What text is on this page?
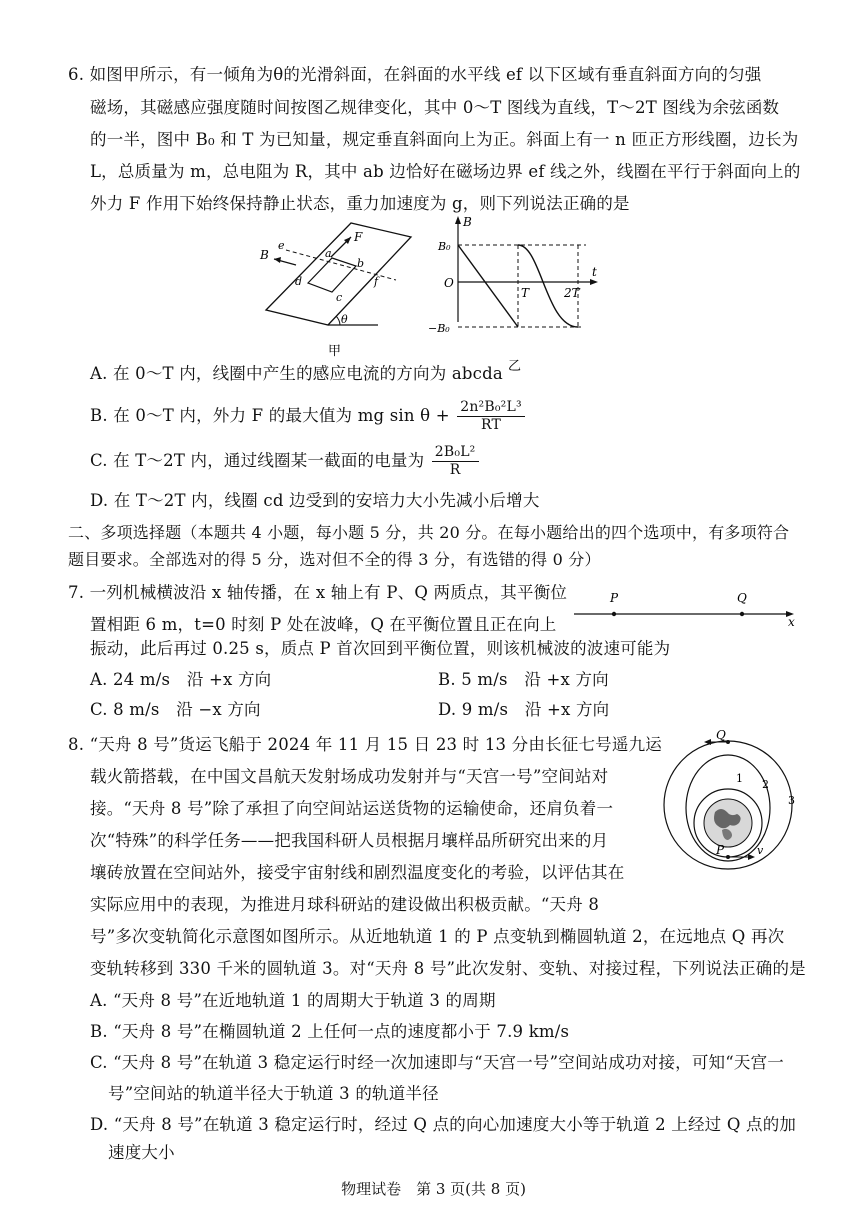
6. 如图甲所示，有一倾角为θ的光滑斜面，在斜面的水平线 ef 以下区域有垂直斜面方向的匀强
磁场，其磁感应强度随时间按图乙规律变化，其中 0～T 图线为直线，T～2T 图线为余弦函数
的一半，图中 B₀ 和 T 为已知量，规定垂直斜面向上为正。斜面上有一 n 匝正方形线圈，边长为
L，总质量为 m，总电阻为 R，其中 ab 边恰好在磁场边界 ef 线之外，线圈在平行于斜面向上的
外力 F 作用下始终保持静止状态，重力加速度为 g，则下列说法正确的是
θ
e
f
a
b
c
d
F
B
甲
B
t
O
B₀
−B₀
T	2T
乙
A. 在 0～T 内，线圈中产生的感应电流的方向为 abcda
B. 在 0～T 内，外力 F 的最大值为 mg $\sin \theta + \frac{\text{2n²B₀²L³}}{RT}$
C. 在 T～2T 内，通过线圈某一截面的电量为 $\frac{\text{2B₀L²}}{R}$
D. 在 T～2T 内，线圈 cd 边受到的安培力大小先减小后增大
二、多项选择题（本题共 4 小题，每小题 5 分，共 20 分。在每小题给出的四个选项中，有多项符合
题目要求。全部选对的得 5 分，选对但不全的得 3 分，有选错的得 0 分）
7. 一列机械横波沿 x 轴传播，在 x 轴上有 P、Q 两质点，其平衡位
置相距 6 m，t=0 时刻 P 处在波峰，Q 在平衡位置且正在向上
振动，此后再过 0.25 s，质点 P 首次回到平衡位置，则该机械波的波速可能为
x
P	Q
A. 24 m/s　沿 +x 方向	B. 5 m/s　沿 +x 方向
C. 8 m/s　沿 −x 方向	D. 9 m/s　沿 +x 方向
8. “天舟 8 号”货运飞船于 2024 年 11 月 15 日 23 时 13 分由长征七号遥九运
载火箭搭载，在中国文昌航天发射场成功发射并与“天宫一号”空间站对
接。“天舟 8 号”除了承担了向空间站运送货物的运输使命，还肩负着一
次“特殊”的科学任务——把我国科研人员根据月壤样品所研究出来的月
壤砖放置在空间站外，接受宇宙射线和剧烈温度变化的考验，以评估其在
实际应用中的表现，为推进月球科研站的建设做出积极贡献。“天舟 8
号”多次变轨简化示意图如图所示。从近地轨道 1 的 P 点变轨到椭圆轨道 2，在远地点 Q 再次
变轨转移到 330 千米的圆轨道 3。对“天舟 8 号”此次发射、变轨、对接过程，下列说法正确的是
Q
P	v
1 2
3
A. “天舟 8 号”在近地轨道 1 的周期大于轨道 3 的周期
B. “天舟 8 号”在椭圆轨道 2 上任何一点的速度都小于 7.9 km/s
C. “天舟 8 号”在轨道 3 稳定运行时经一次加速即与“天宫一号”空间站成功对接，可知“天宫一
号”空间站的轨道半径大于轨道 3 的轨道半径
D. “天舟 8 号”在轨道 3 稳定运行时，经过 Q 点的向心加速度大小等于轨道 2 上经过 Q 点的加
速度大小
物理试卷　第 3 页(共 8 页)
